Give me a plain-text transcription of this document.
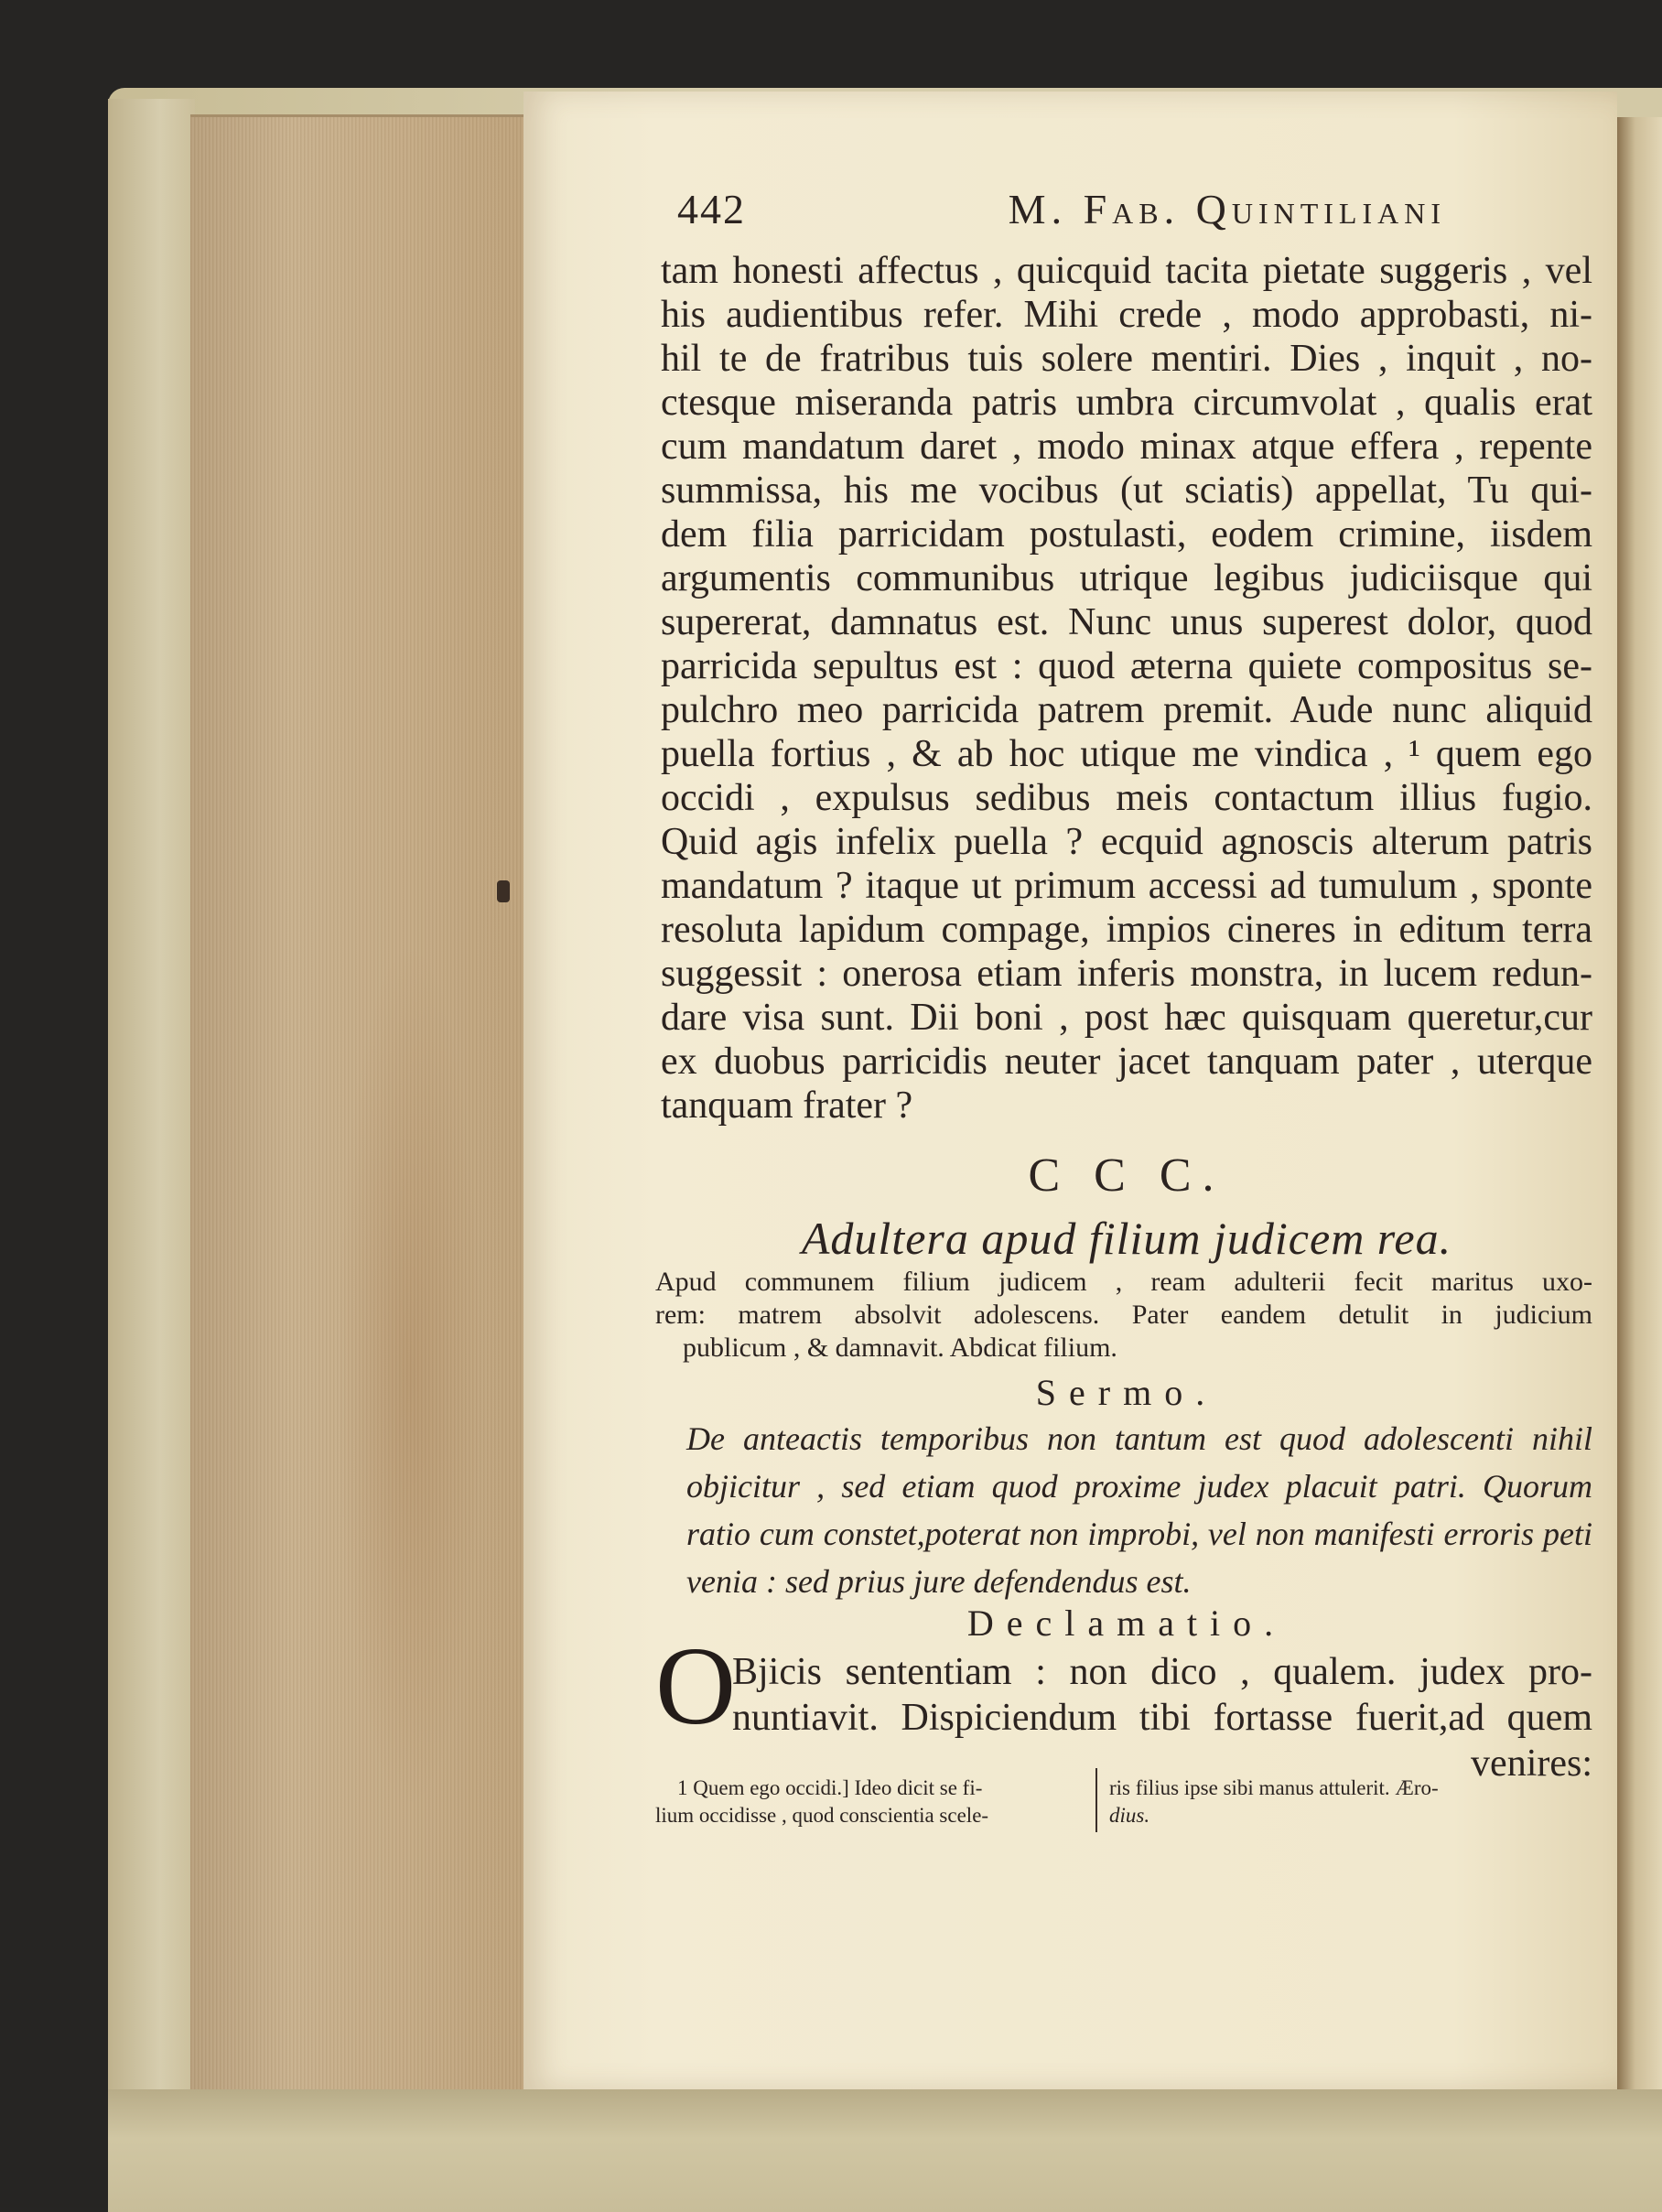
442	M. Fab. Quintiliani
tam honesti affectus , quicquid tacita pietate suggeris , vel
his audientibus refer. Mihi crede , modo approbasti, ni-
hil te de fratribus tuis solere mentiri. Dies , inquit , no-
ctesque miseranda patris umbra circumvolat , qualis erat
cum mandatum daret , modo minax atque effera , repente
summissa, his me vocibus (ut sciatis) appellat, Tu qui-
dem filia parricidam postulasti, eodem crimine, iisdem
argumentis communibus utrique legibus judiciisque qui
supererat, damnatus est. Nunc unus superest dolor, quod
parricida sepultus est : quod æterna quiete compositus se-
pulchro meo parricida patrem premit. Aude nunc aliquid
puella fortius , & ab hoc utique me vindica , ¹ quem ego
occidi , expulsus sedibus meis contactum illius fugio.
Quid agis infelix puella ? ecquid agnoscis alterum patris
mandatum ? itaque ut primum accessi ad tumulum , sponte
resoluta lapidum compage, impios cineres in editum terra
suggessit : onerosa etiam inferis monstra, in lucem redun-
dare visa sunt. Dii boni , post hæc quisquam queretur,cur
ex duobus parricidis neuter jacet tanquam pater , uterque
tanquam frater ?
C C C.
Adultera apud filium judicem rea.
Apud communem filium judicem , ream adulterii fecit maritus uxo-
rem: matrem absolvit adolescens. Pater eandem detulit in judicium
publicum , & damnavit. Abdicat filium.
Sermo.
De anteactis temporibus non tantum est quod adolescenti nihil
objicitur , sed etiam quod proxime judex placuit patri. Quorum
ratio cum constet,poterat non improbi, vel non manifesti erroris peti
venia : sed prius jure defendendus est.
Declamatio.
O
Bjicis sententiam : non dico , qualem. judex pro-
nuntiavit. Dispiciendum tibi fortasse fuerit,ad quem
venires:
1 Quem ego occidi.] Ideo dicit se fi-
lium occidisse , quod conscientia scele-
ris filius ipse sibi manus attulerit. Æro-
dius.
